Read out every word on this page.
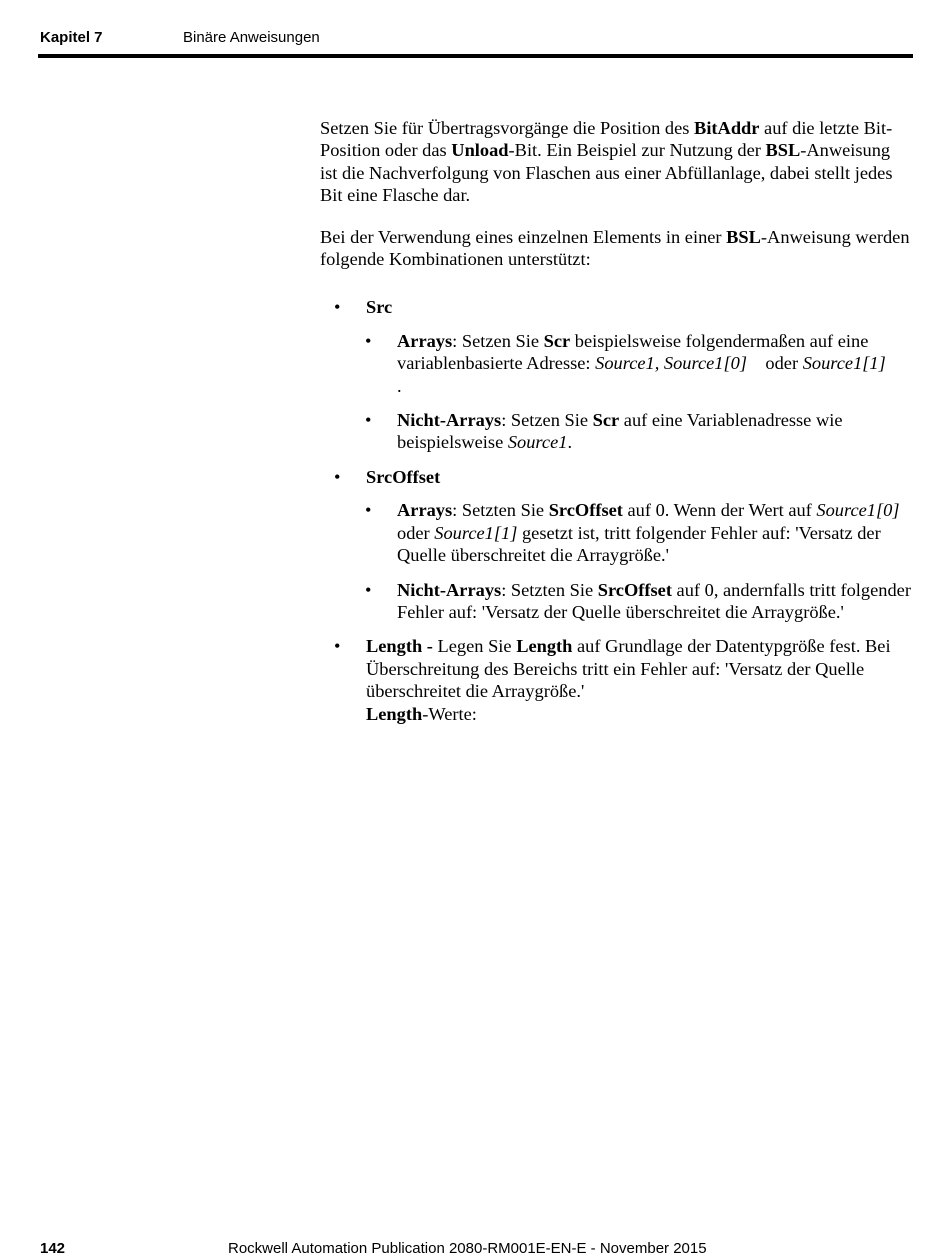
Kapitel 7	Binäre Anweisungen

Setzen Sie für Übertragsvorgänge die Position des BitAddr auf die letzte Bit-Position oder das Unload-Bit. Ein Beispiel zur Nutzung der BSL-Anweisung ist die Nachverfolgung von Flaschen aus einer Abfüllanlage, dabei stellt jedes Bit eine Flasche dar.

Bei der Verwendung eines einzelnen Elements in einer BSL-Anweisung werden folgende Kombinationen unterstützt:

• Src
• Arrays: Setzen Sie Scr beispielsweise folgendermaßen auf eine variablenbasierte Adresse: Source1, Source1[0]    oder Source1[1]
.
• Nicht-Arrays: Setzen Sie Scr auf eine Variablenadresse wie beispielsweise Source1.
• SrcOffset
• Arrays: Setzten Sie SrcOffset auf 0. Wenn der Wert auf Source1[0] oder Source1[1] gesetzt ist, tritt folgender Fehler auf: 'Versatz der Quelle überschreitet die Arraygröße.'
• Nicht-Arrays: Setzten Sie SrcOffset auf 0, andernfalls tritt folgender Fehler auf: 'Versatz der Quelle überschreitet die Arraygröße.'
• Length - Legen Sie Length auf Grundlage der Datentypgröße fest. Bei Überschreitung des Bereichs tritt ein Fehler auf: 'Versatz der Quelle überschreitet die Arraygröße.'
Length-Werte:
142	Rockwell Automation Publication 2080-RM001E-EN-E - November 2015
